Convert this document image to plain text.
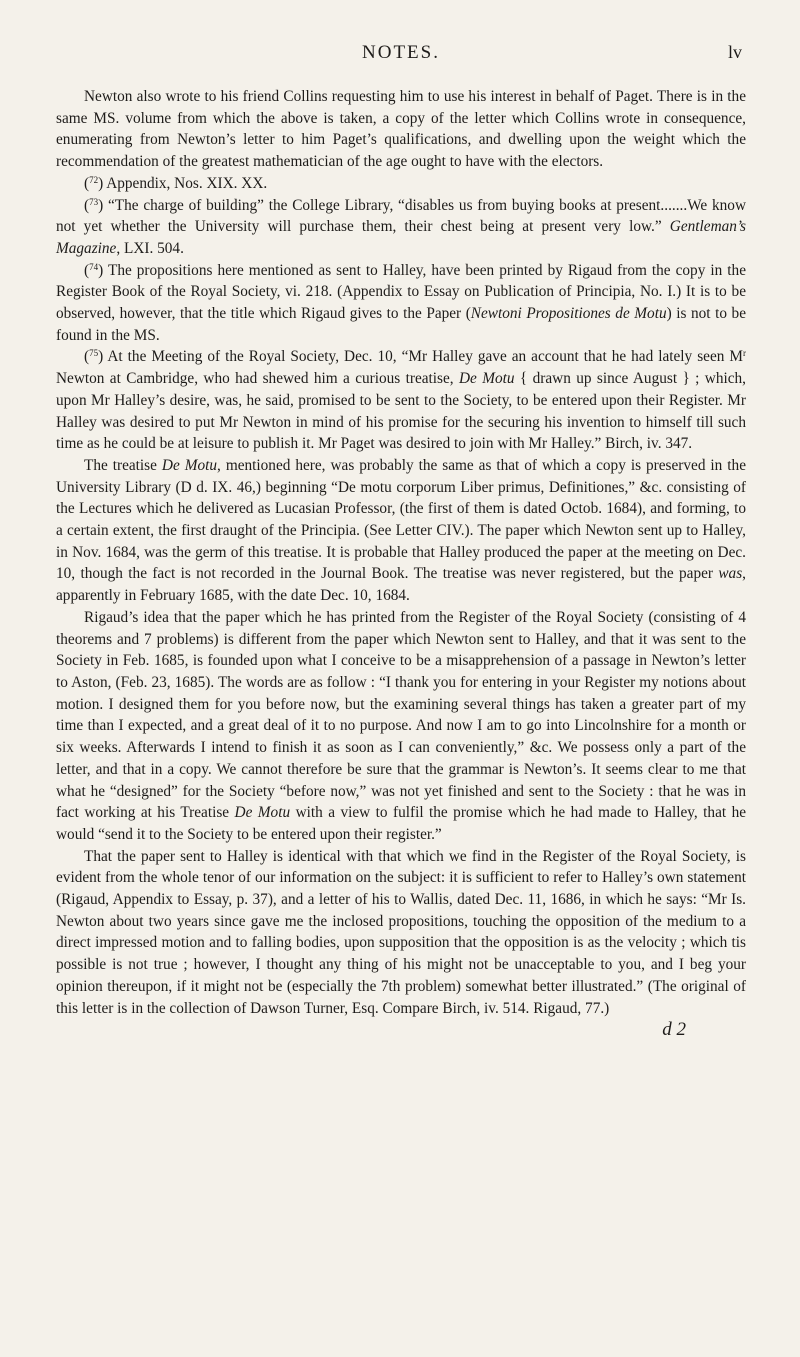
NOTES.	lv

Newton also wrote to his friend Collins requesting him to use his interest in behalf of Paget. There is in the same MS. volume from which the above is taken, a copy of the letter which Collins wrote in consequence, enumerating from Newton’s letter to him Paget’s qualifications, and dwelling upon the weight which the recommendation of the greatest mathematician of the age ought to have with the electors.

($^{72}$) Appendix, Nos. XIX. XX.

($^{73}$) “The charge of building” the College Library, “disables us from buying books at present.......We know not yet whether the University will purchase them, their chest being at present very low.” Gentleman’s Magazine, LXI. 504.

($^{74}$) The propositions here mentioned as sent to Halley, have been printed by Rigaud from the copy in the Register Book of the Royal Society, vi. 218. (Appendix to Essay on Publication of Principia, No. I.) It is to be observed, however, that the title which Rigaud gives to the Paper (Newtoni Propositiones de Motu) is not to be found in the MS.

($^{75}$) At the Meeting of the Royal Society, Dec. 10, “Mr Halley gave an account that he had lately seen $M^r$ Newton at Cambridge, who had shewed him a curious treatise, De Motu { drawn up since August } ; which, upon Mr Halley’s desire, was, he said, promised to be sent to the Society, to be entered upon their Register. Mr Halley was desired to put Mr Newton in mind of his promise for the securing his invention to himself till such time as he could be at leisure to publish it. Mr Paget was desired to join with Mr Halley.” Birch, iv. 347.

The treatise De Motu, mentioned here, was probably the same as that of which a copy is preserved in the University Library (D d. IX. 46,) beginning “De motu corporum Liber primus, Definitiones,” &c. consisting of the Lectures which he delivered as Lucasian Professor, (the first of them is dated Octob. 1684), and forming, to a certain extent, the first draught of the Principia. (See Letter CIV.). The paper which Newton sent up to Halley, in Nov. 1684, was the germ of this treatise. It is probable that Halley produced the paper at the meeting on Dec. 10, though the fact is not recorded in the Journal Book. The treatise was never registered, but the paper was, apparently in February 1685, with the date Dec. 10, 1684.

Rigaud’s idea that the paper which he has printed from the Register of the Royal Society (consisting of 4 theorems and 7 problems) is different from the paper which Newton sent to Halley, and that it was sent to the Society in Feb. 1685, is founded upon what I conceive to be a misapprehension of a passage in Newton’s letter to Aston, (Feb. 23, 1685). The words are as follow : “I thank you for entering in your Register my notions about motion. I designed them for you before now, but the examining several things has taken a greater part of my time than I expected, and a great deal of it to no purpose. And now I am to go into Lincolnshire for a month or six weeks. Afterwards I intend to finish it as soon as I can conveniently,” &c. We possess only a part of the letter, and that in a copy. We cannot therefore be sure that the grammar is Newton’s. It seems clear to me that what he “designed” for the Society “before now,” was not yet finished and sent to the Society : that he was in fact working at his Treatise De Motu with a view to fulfil the promise which he had made to Halley, that he would “send it to the Society to be entered upon their register.”

That the paper sent to Halley is identical with that which we find in the Register of the Royal Society, is evident from the whole tenor of our information on the subject: it is sufficient to refer to Halley’s own statement (Rigaud, Appendix to Essay, p. 37), and a letter of his to Wallis, dated Dec. 11, 1686, in which he says: “Mr Is. Newton about two years since gave me the inclosed propositions, touching the opposition of the medium to a direct impressed motion and to falling bodies, upon supposition that the opposition is as the velocity ; which tis possible is not true ; however, I thought any thing of his might not be unacceptable to you, and I beg your opinion thereupon, if it might not be (especially the 7th problem) somewhat better illustrated.” (The original of this letter is in the collection of Dawson Turner, Esq. Compare Birch, iv. 514. Rigaud, 77.)

d 2
